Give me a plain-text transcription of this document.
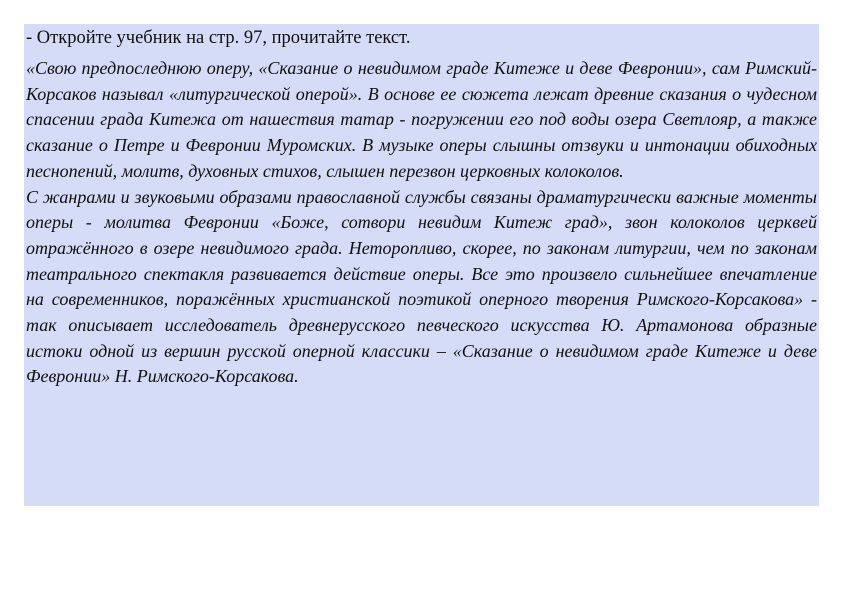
- Откройте учебник на стр. 97, прочитайте текст.

«Свою предпоследнюю оперу, «Сказание о невидимом граде Китеже и деве Февронии», сам Римский-Корсаков называл «литургической оперой». В основе ее сюжета лежат древние сказания о чудесном спасении града Китежа от нашествия татар - погружении его под воды озера Светлояр, а также сказание о Петре и Февронии Муромских. В музыке оперы слышны отзвуки и интонации обиходных песнопений, молитв, духовных стихов, слышен перезвон церковных колоколов.

С жанрами и звуковыми образами православной службы связаны драматургически важные моменты оперы - молитва Февронии «Боже, сотвори невидим Китеж град», звон колоколов церквей отражённого в озере невидимого града. Неторопливо, скорее, по законам литургии, чем по законам театрального спектакля развивается действие оперы. Все это произвело сильнейшее впечатление на современников, поражённых христианской поэтикой оперного творения Римского-Корсакова» - так описывает исследователь древнерусского певческого искусства Ю. Артамонова образные истоки одной из вершин русской оперной классики – «Сказание о невидимом граде Китеже и деве Февронии» Н. Римского-Корсакова.
